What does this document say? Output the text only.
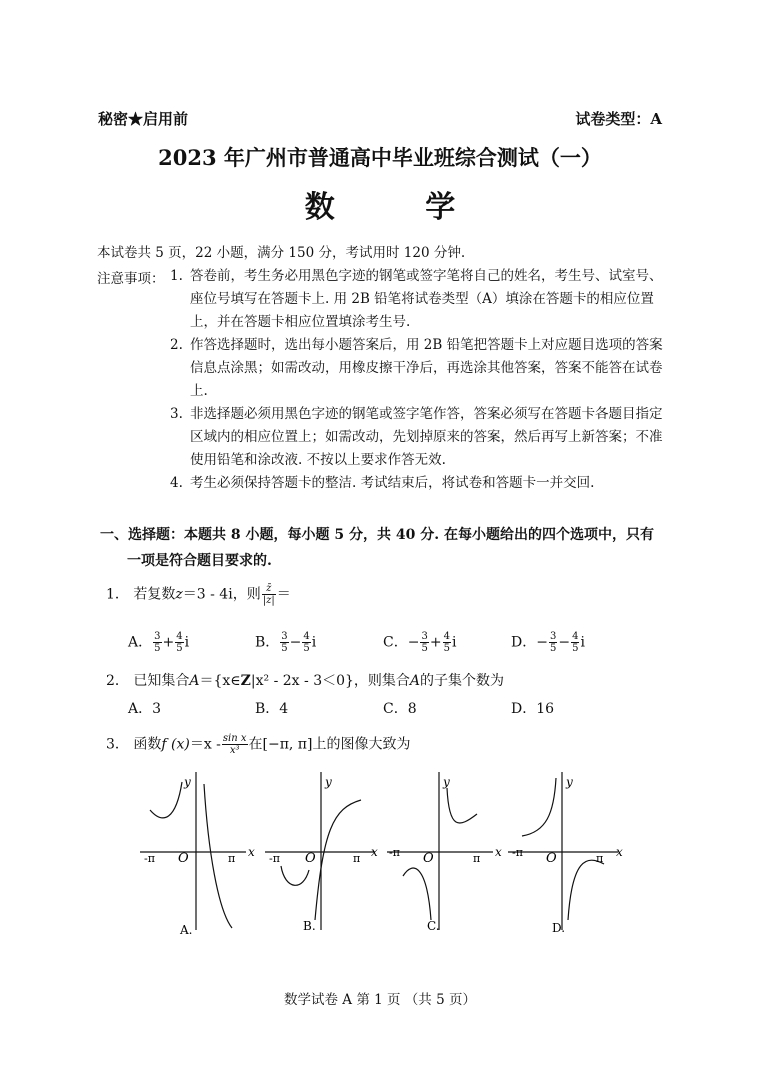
秘密★启用前	试卷类型：A
2023 年广州市普通高中毕业班综合测试（一）
数 学
本试卷共 5 页，22 小题，满分 150 分，考试用时 120 分钟.
注意事项： 1. 答卷前，考生务必用黑色字迹的钢笔或签字笔将自己的姓名，考生号、试室号、座位号填写在答题卡上. 用 2B 铅笔将试卷类型（A）填涂在答题卡的相应位置上，并在答题卡相应位置填涂考生号.
2. 作答选择题时，选出每小题答案后，用 2B 铅笔把答题卡上对应题目选项的答案信息点涂黑；如需改动，用橡皮擦干净后，再选涂其他答案，答案不能答在试卷上.
3. 非选择题必须用黑色字迹的钢笔或签字笔作答，答案必须写在答题卡各题目指定区域内的相应位置上；如需改动，先划掉原来的答案，然后再写上新答案；不准使用铅笔和涂改液. 不按以上要求作答无效.
4. 考生必须保持答题卡的整洁. 考试结束后，将试卷和答题卡一并交回.
一、选择题：本题共 8 小题，每小题 5 分，共 40 分. 在每小题给出的四个选项中，只有
一项是符合题目要求的.
1． 若复数z＝3 - 4i，则 $\frac{z̄}{|z|}$ ＝
A． $\frac{3}{5} + \frac{4}{5}$ i	B． $\frac{3}{5} - \frac{4}{5}$ i	C．− $\frac{3}{5} + \frac{4}{5}$ i	D．− $\frac{3}{5} - \frac{4}{5}$ i
2． 已知集合A＝{x∈Z|x² - 2x - 3＜0}，则集合A的子集个数为
A．3	B．4	C．8	D．16
3． 函数f $(x)=x - \frac{\text{sin x}}{\text{x³}}$ 在[−π, π]上的图像大致为
y
x
O
-π	π
A.
y
x
O
-π	π
B.
y
x
O
-π	π
C.
y
x
O
-π	π
D.
数学试卷 A 第 1 页 （共 5 页）
